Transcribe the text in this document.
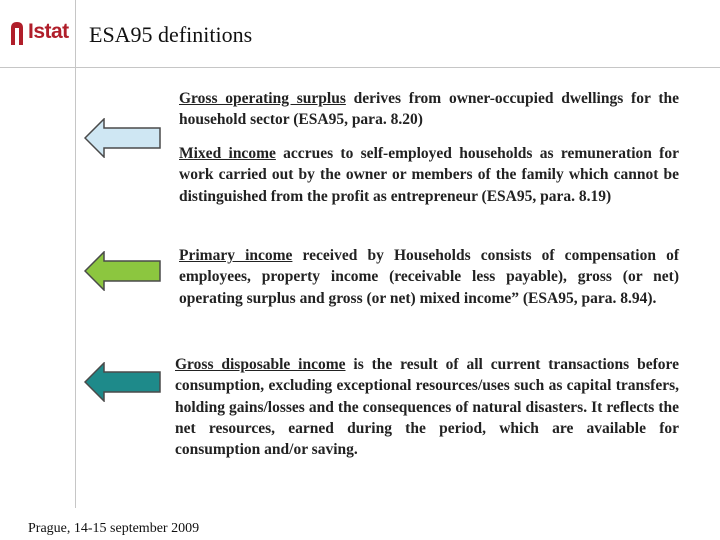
Istat ESA95 definitions
Gross operating surplus derives from owner-occupied dwellings for the household sector (ESA95, para. 8.20)
Mixed income accrues to self-employed households as remuneration for work carried out by the owner or members of the family which cannot be distinguished from the profit as entrepreneur (ESA95, para. 8.19)
Primary income received by Households consists of compensation of employees, property income (receivable less payable), gross (or net) operating surplus and gross (or net) mixed income” (ESA95, para. 8.94).
Gross disposable income is the result of all current transactions before consumption, excluding exceptional resources/uses such as capital transfers, holding gains/losses and the consequences of natural disasters. It reflects the net resources, earned during the period, which are available for consumption and/or saving.
Prague, 14-15 september 2009
